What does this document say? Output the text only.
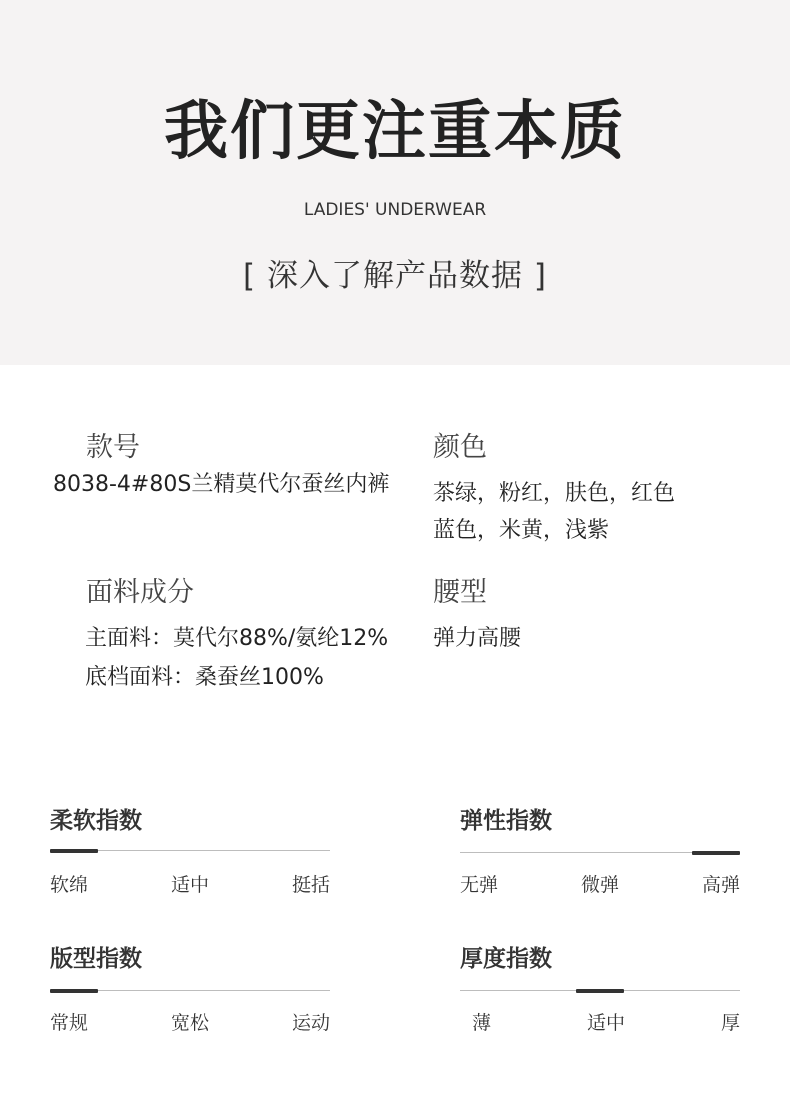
我们更注重本质
LADIES' UNDERWEAR
[ 深入了解产品数据 ]
款号
8038-4#80S兰精莫代尔蚕丝内裤
颜色
茶绿，粉红，肤色，红色
蓝色，米黄，浅紫
面料成分
主面料：莫代尔88%/氨纶12%
底档面料：桑蚕丝100%
腰型
弹力高腰
柔软指数
软绵	适中	挺括
弹性指数
无弹	微弹	高弹
版型指数
常规	宽松	运动
厚度指数
薄	适中	厚
